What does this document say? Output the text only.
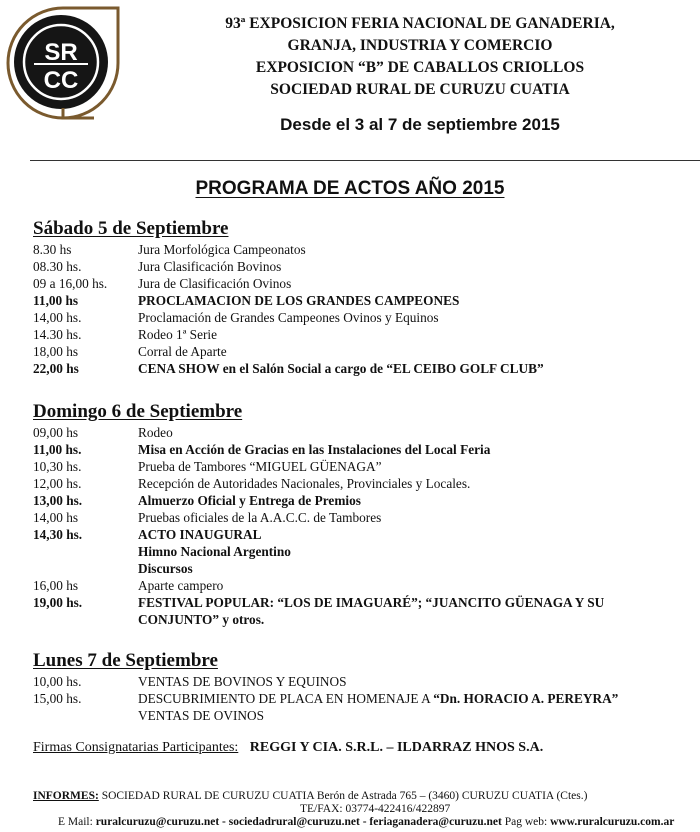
SR
CC
93ª EXPOSICION FERIA NACIONAL DE GANADERIA,
GRANJA, INDUSTRIA Y COMERCIO
EXPOSICION “B” DE CABALLOS CRIOLLOS
SOCIEDAD RURAL DE CURUZU CUATIA
Desde el 3 al 7 de septiembre 2015
PROGRAMA DE ACTOS AÑO 2015
Sábado 5 de Septiembre
8.30 hs	Jura Morfológica Campeonatos
08.30 hs.	Jura Clasificación Bovinos
09 a 16,00 hs.	Jura de Clasificación Ovinos
11,00 hs	PROCLAMACION DE LOS GRANDES CAMPEONES
14,00 hs.	Proclamación de Grandes Campeones Ovinos y Equinos
14.30 hs.	Rodeo 1ª Serie
18,00 hs	Corral de Aparte
22,00 hs	CENA SHOW en el Salón Social a cargo de “EL CEIBO GOLF CLUB”
Domingo 6 de Septiembre
09,00 hs	Rodeo
11,00 hs.	Misa en Acción de Gracias en las Instalaciones del Local Feria
10,30 hs.	Prueba de Tambores “MIGUEL GÜENAGA”
12,00 hs.	Recepción de Autoridades Nacionales, Provinciales y Locales.
13,00 hs.	Almuerzo Oficial y Entrega de Premios
14,00 hs	Pruebas oficiales de la A.A.C.C. de Tambores
14,30 hs.	ACTO INAUGURAL
Himno Nacional Argentino
Discursos
16,00 hs	Aparte campero
19,00 hs.	FESTIVAL POPULAR: “LOS DE IMAGUARÉ”; “JUANCITO GÜENAGA Y SU
CONJUNTO” y otros.
Lunes 7 de Septiembre
10,00 hs.	VENTAS DE BOVINOS Y EQUINOS
15,00 hs.	DESCUBRIMIENTO DE PLACA EN HOMENAJE A “Dn. HORACIO A. PEREYRA”
VENTAS DE OVINOS
Firmas Consignatarias Participantes: REGGI Y CIA. S.R.L. – ILDARRAZ HNOS S.A.
INFORMES: SOCIEDAD RURAL DE CURUZU CUATIA Berón de Astrada 765 – (3460) CURUZU CUATIA (Ctes.)
TE/FAX: 03774-422416/422897
E Mail: ruralcuruzu@curuzu.net - sociedadrural@curuzu.net - feriaganadera@curuzu.net Pag web: www.ruralcuruzu.com.ar
